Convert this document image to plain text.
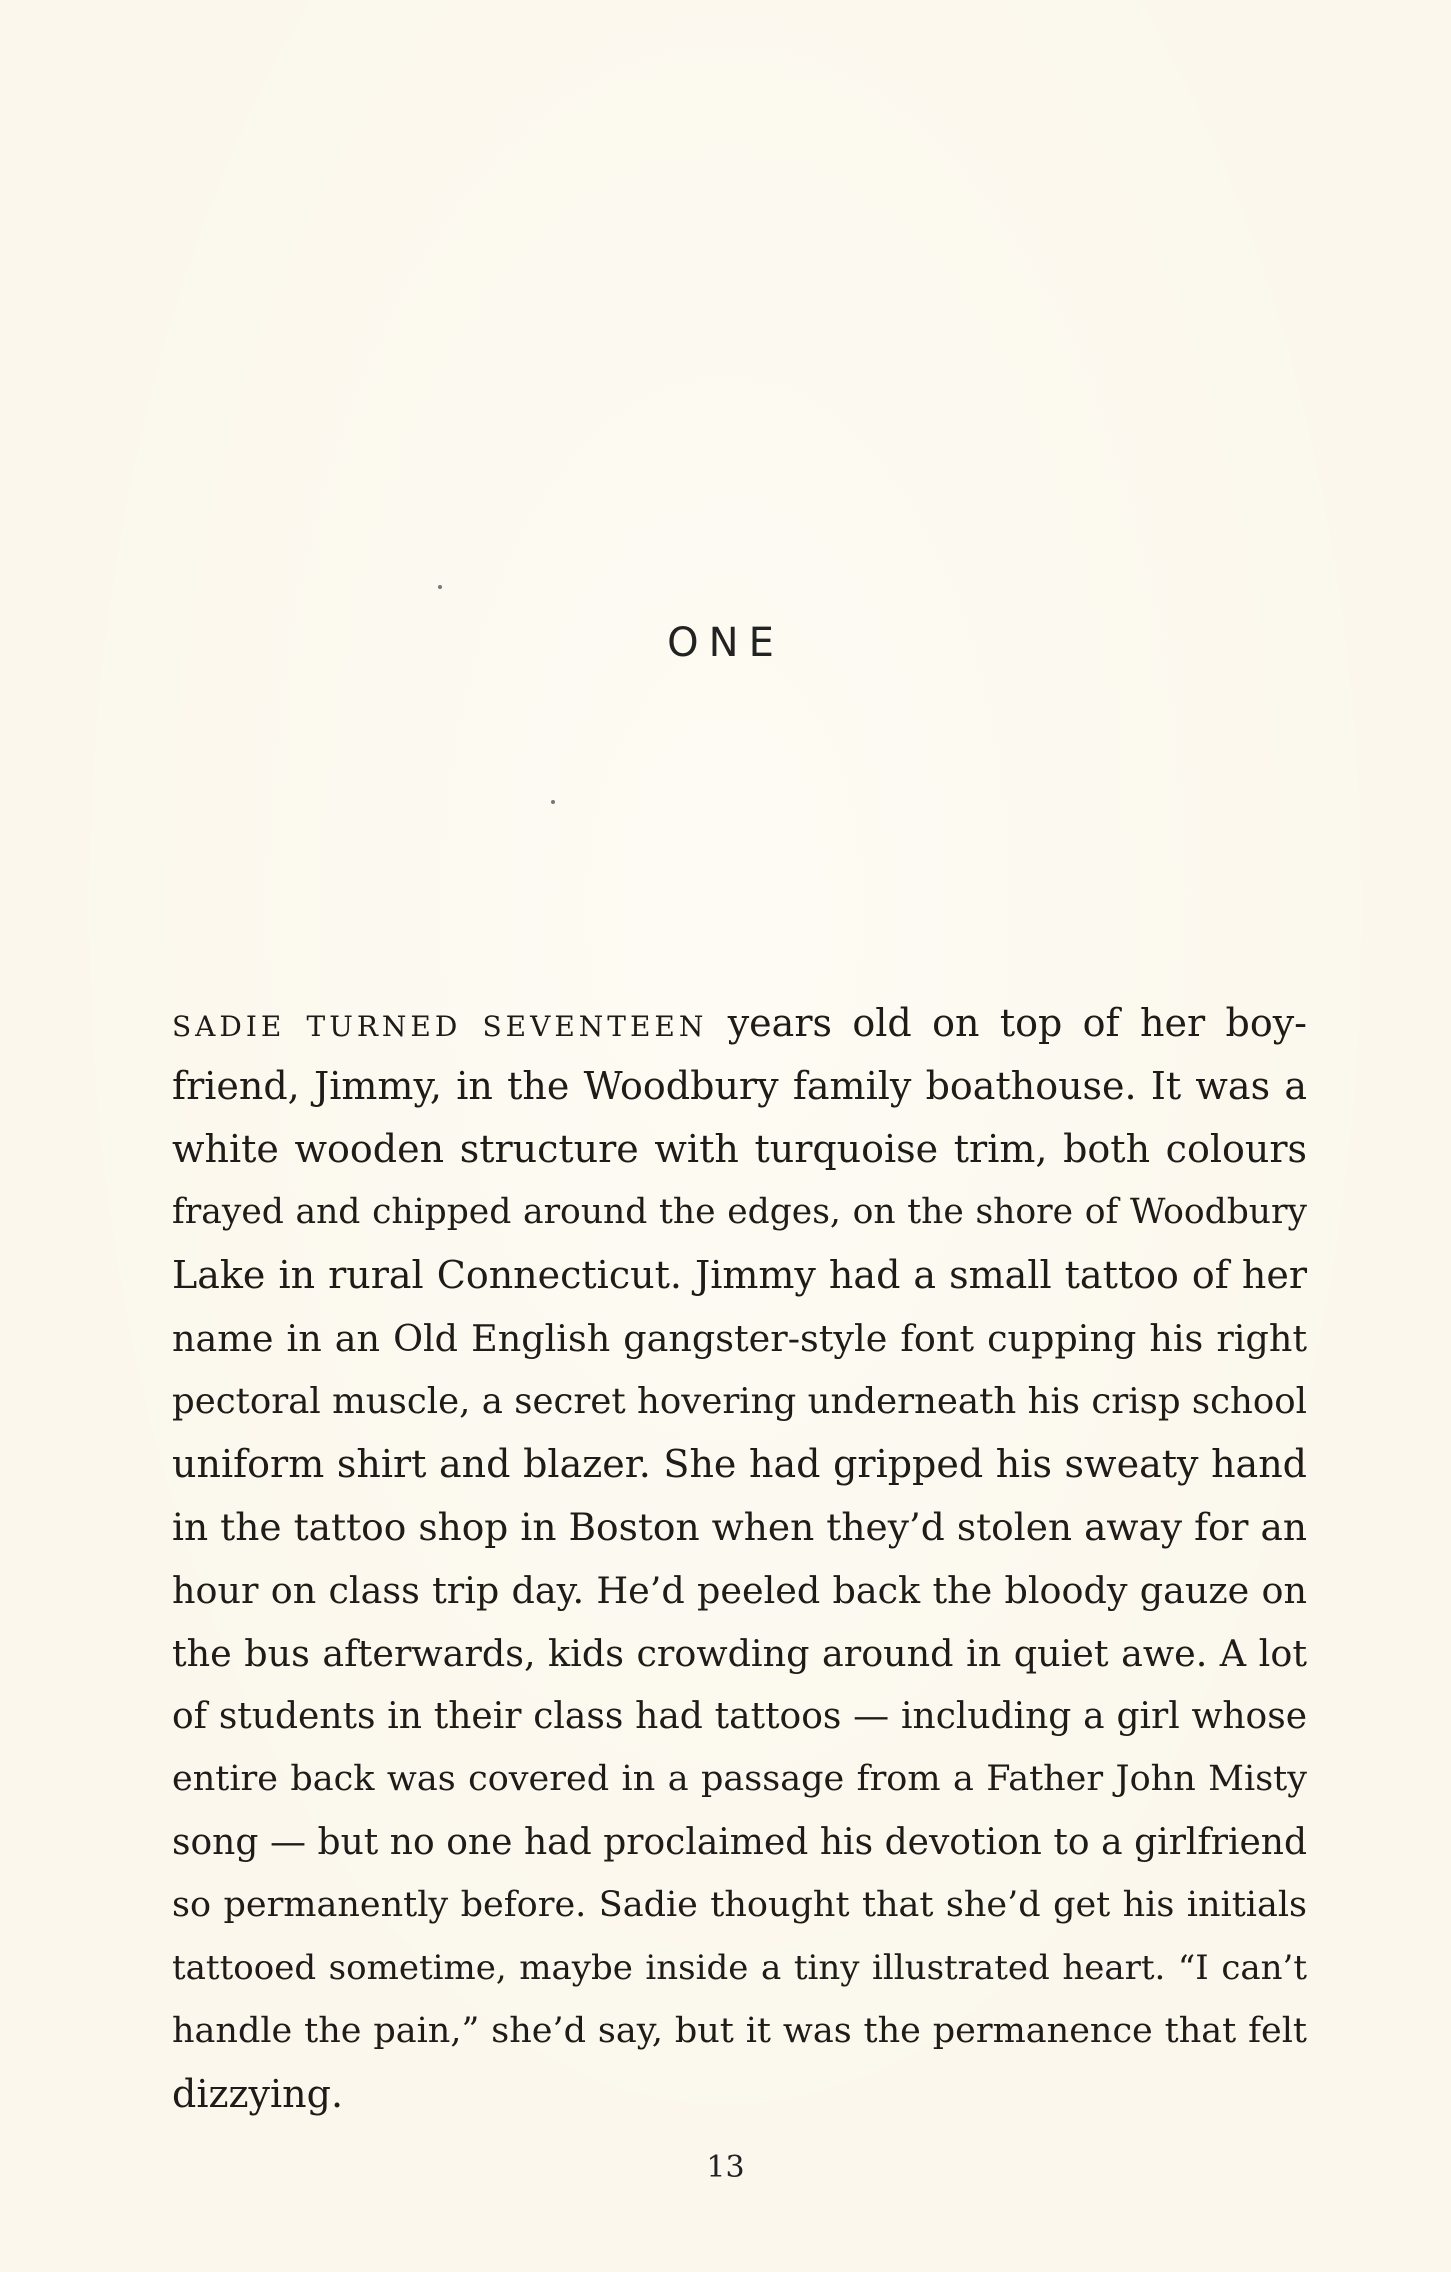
ONE
SADIE TURNED SEVENTEEN years old on top of her boy-
friend, Jimmy, in the Woodbury family boathouse. It was a
white wooden structure with turquoise trim, both colours
frayed and chipped around the edges, on the shore of Woodbury
Lake in rural Connecticut. Jimmy had a small tattoo of her
name in an Old English gangster-style font cupping his right
pectoral muscle, a secret hovering underneath his crisp school
uniform shirt and blazer. She had gripped his sweaty hand
in the tattoo shop in Boston when they’d stolen away for an
hour on class trip day. He’d peeled back the bloody gauze on
the bus afterwards, kids crowding around in quiet awe. A lot
of students in their class had tattoos — including a girl whose
entire back was covered in a passage from a Father John Misty
song — but no one had proclaimed his devotion to a girlfriend
so permanently before. Sadie thought that she’d get his initials
tattooed sometime, maybe inside a tiny illustrated heart. “I can’t
handle the pain,” she’d say, but it was the permanence that felt
dizzying.
13
